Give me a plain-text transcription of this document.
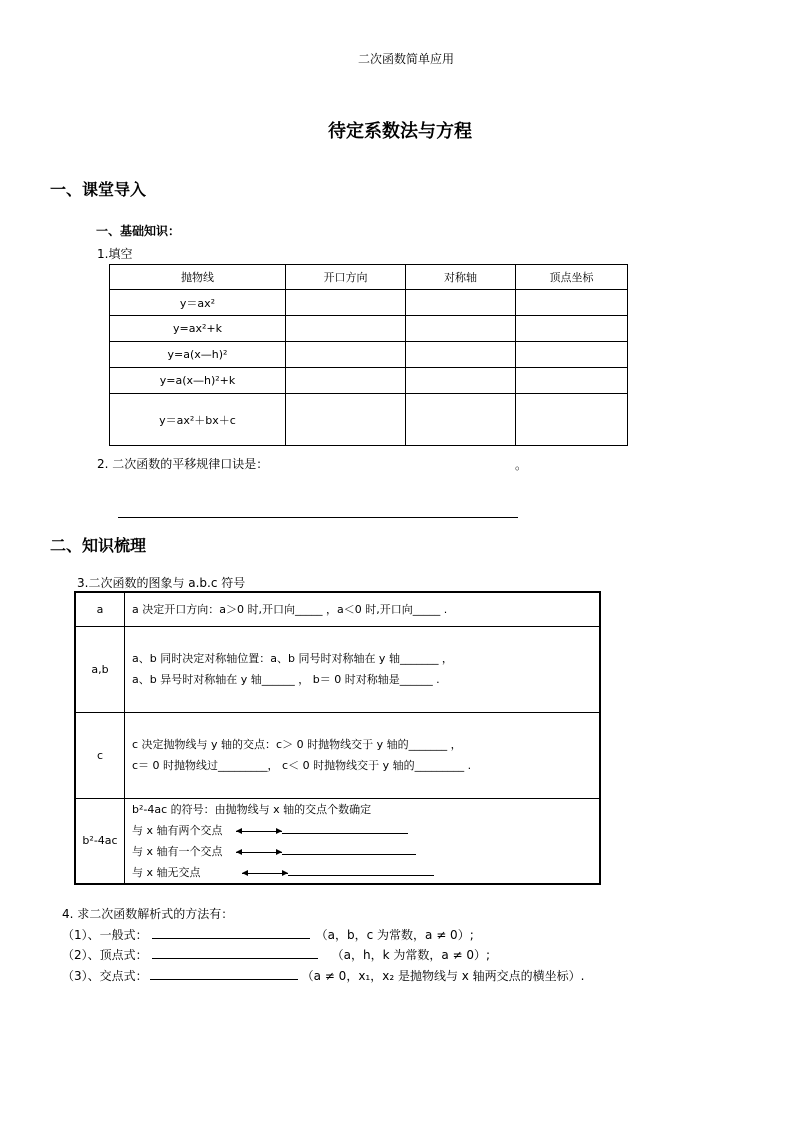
二次函数简单应用
待定系数法与方程
一、课堂导入
一、基础知识：
1.填空
抛物线	开口方向	对称轴	顶点坐标
y＝ax²			
y=ax²+k			
y=a(x—h)²			
y=a(x—h)²+k			
y＝ax²＋bx＋c			
2. 二次函数的平移规律口诀是：	。
二、知识梳理
3.二次函数的图象与 a.b.c 符号
a	a 决定开口方向：a＞0 时,开口向_____ ，a＜0 时,开口向_____ .
a,b	a、b 同时决定对称轴位置：a、b 同号时对称轴在 y 轴_______ ，
a、b 异号时对称轴在 y 轴______ ， b＝ 0 时对称轴是______ .

c	c 决定抛物线与 y 轴的交点：c＞ 0 时抛物线交于 y 轴的_______ ，
c＝ 0 时抛物线过_________， c＜ 0 时抛物线交于 y 轴的_________ .

b²-4ac	b²-4ac 的符号：由抛物线与 x 轴的交点个数确定
与 x 轴有两个交点
与 x 轴有一个交点
与 x 轴无交点
4. 求二次函数解析式的方法有：
（1）、一般式：	（a，b，c 为常数，a ≠ 0）;
（2）、顶点式：	（a，h，k 为常数，a ≠ 0）;
（3）、交点式：	（a ≠ 0，x₁，x₂ 是抛物线与 x 轴两交点的横坐标）.
